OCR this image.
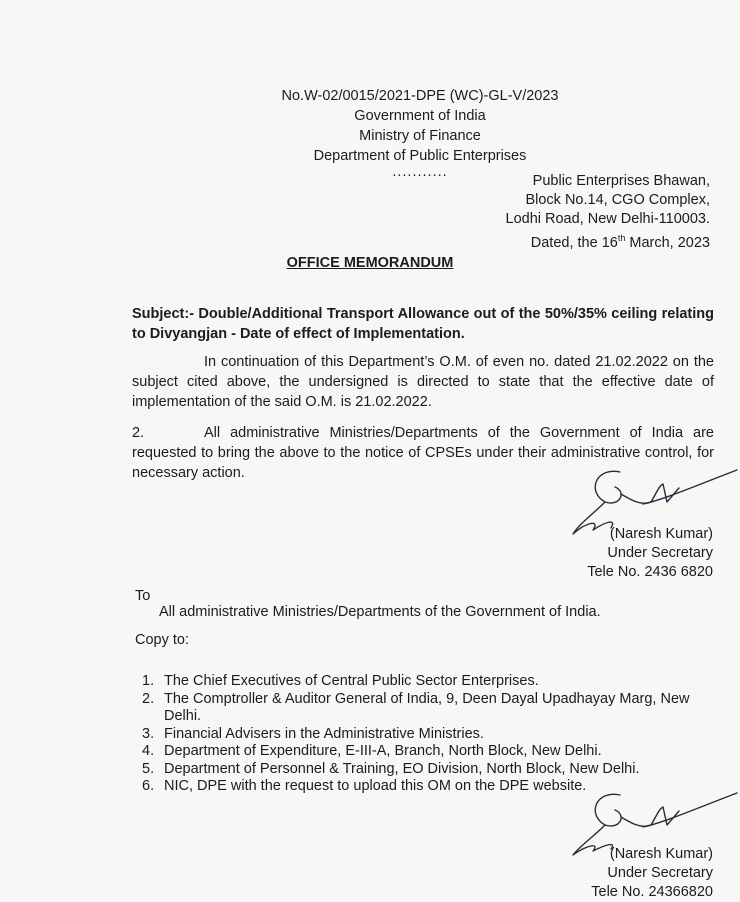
No.W-02/0015/2021-DPE (WC)-GL-V/2023
Government of India
Ministry of Finance
Department of Public Enterprises
...........
Public Enterprises Bhawan,
Block No.14, CGO Complex,
Lodhi Road, New Delhi-110003.
Dated, the 16th March, 2023
OFFICE MEMORANDUM
Subject:- Double/Additional Transport Allowance out of the 50%/35% ceiling relating to Divyangjan - Date of effect of Implementation.
In continuation of this Department’s O.M. of even no. dated 21.02.2022 on the subject cited above, the undersigned is directed to state that the effective date of implementation of the said O.M. is 21.02.2022.
2.	All administrative Ministries/Departments of the Government of India are requested to bring the above to the notice of CPSEs under their administrative control, for necessary action.
(Naresh Kumar)
Under Secretary
Tele No. 2436 6820
To
All administrative Ministries/Departments of the Government of India.
Copy to:
1. The Chief Executives of Central Public Sector Enterprises.
2. The Comptroller & Auditor General of India, 9, Deen Dayal Upadhayay Marg, New Delhi.
3. Financial Advisers in the Administrative Ministries.
4. Department of Expenditure, E-III-A, Branch, North Block, New Delhi.
5. Department of Personnel & Training, EO Division, North Block, New Delhi.
6. NIC, DPE with the request to upload this OM on the DPE website.
(Naresh Kumar)
Under Secretary
Tele No. 24366820
